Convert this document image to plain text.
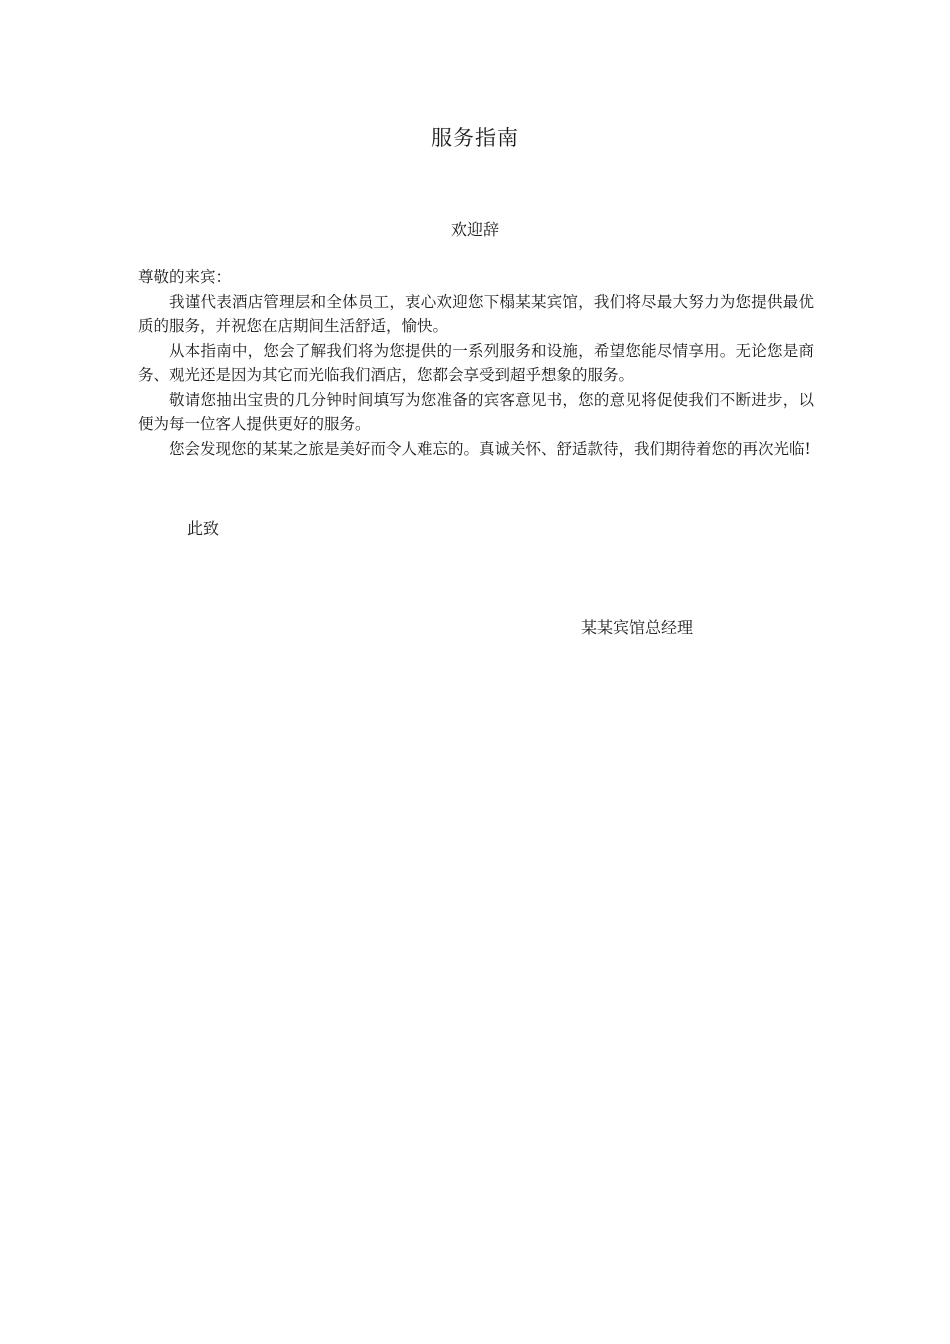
服务指南
欢迎辞

尊敬的来宾：

我谨代表酒店管理层和全体员工，衷心欢迎您下榻某某宾馆，我们将尽最大努力为您提供最优质的服务，并祝您在店期间生活舒适，愉快。

从本指南中，您会了解我们将为您提供的一系列服务和设施，希望您能尽情享用。无论您是商务、观光还是因为其它而光临我们酒店，您都会享受到超乎想象的服务。

敬请您抽出宝贵的几分钟时间填写为您准备的宾客意见书，您的意见将促使我们不断进步，以便为每一位客人提供更好的服务。

您会发现您的某某之旅是美好而令人难忘的。真诚关怀、舒适款待，我们期待着您的再次光临!

此致
某某宾馆总经理
